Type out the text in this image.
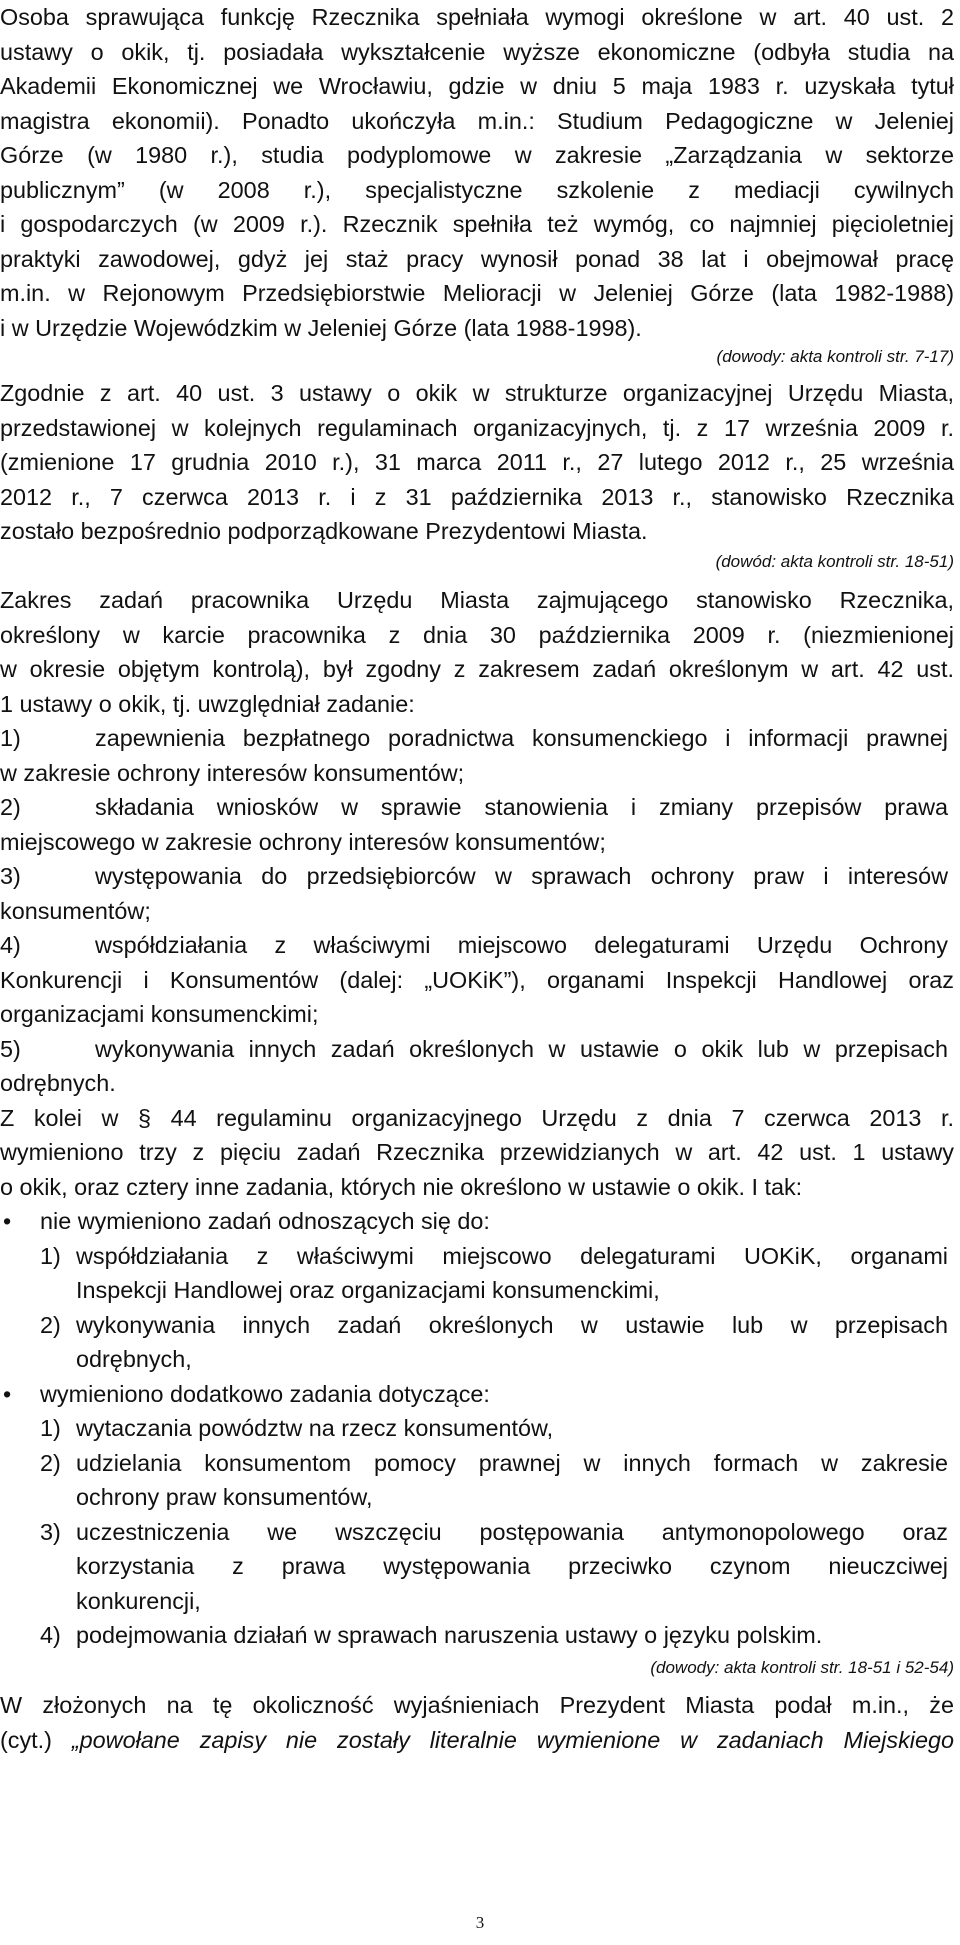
Osoba sprawująca funkcję Rzecznika spełniała wymogi określone w art. 40 ust. 2
ustawy o okik, tj. posiadała wykształcenie wyższe ekonomiczne (odbyła studia na
Akademii Ekonomicznej we Wrocławiu, gdzie w dniu 5 maja 1983 r. uzyskała tytuł
magistra ekonomii). Ponadto ukończyła m.in.: Studium Pedagogiczne w Jeleniej
Górze (w 1980 r.), studia podyplomowe w zakresie „Zarządzania w sektorze
publicznym” (w 2008 r.), specjalistyczne szkolenie z mediacji cywilnych
i gospodarczych (w 2009 r.). Rzecznik spełniła też wymóg, co najmniej pięcioletniej
praktyki zawodowej, gdyż jej staż pracy wynosił ponad 38 lat i obejmował pracę
m.in. w Rejonowym Przedsiębiorstwie Melioracji w Jeleniej Górze (lata 1982-1988)
i w Urzędzie Wojewódzkim w Jeleniej Górze (lata 1988-1998).
(dowody: akta kontroli str. 7-17)
Zgodnie z art. 40 ust. 3 ustawy o okik w strukturze organizacyjnej Urzędu Miasta,
przedstawionej w kolejnych regulaminach organizacyjnych, tj. z 17 września 2009 r.
(zmienione 17 grudnia 2010 r.), 31 marca 2011 r., 27 lutego 2012 r., 25 września
2012 r., 7 czerwca 2013 r. i z 31 października 2013 r., stanowisko Rzecznika
zostało bezpośrednio podporządkowane Prezydentowi Miasta.
(dowód: akta kontroli str. 18-51)
Zakres zadań pracownika Urzędu Miasta zajmującego stanowisko Rzecznika,
określony w karcie pracownika z dnia 30 października 2009 r. (niezmienionej
w okresie objętym kontrolą), był zgodny z zakresem zadań określonym w art. 42 ust.
1 ustawy o okik, tj. uwzględniał zadanie:
1)	zapewnienia bezpłatnego poradnictwa konsumenckiego i informacji prawnej
w zakresie ochrony interesów konsumentów;
2)	składania wniosków w sprawie stanowienia i zmiany przepisów prawa
miejscowego w zakresie ochrony interesów konsumentów;
3)	występowania do przedsiębiorców w sprawach ochrony praw i interesów
konsumentów;
4)	współdziałania z właściwymi miejscowo delegaturami Urzędu Ochrony
Konkurencji i Konsumentów (dalej: „UOKiK”), organami Inspekcji Handlowej oraz
organizacjami konsumenckimi;
5)	wykonywania innych zadań określonych w ustawie o okik lub w przepisach
odrębnych.
Z kolei w § 44 regulaminu organizacyjnego Urzędu z dnia 7 czerwca 2013 r.
wymieniono trzy z pięciu zadań Rzecznika przewidzianych w art. 42 ust. 1 ustawy
o okik, oraz cztery inne zadania, których nie określono w ustawie o okik. I tak:
• nie wymieniono zadań odnoszących się do:
1) współdziałania z właściwymi miejscowo delegaturami UOKiK, organami
Inspekcji Handlowej oraz organizacjami konsumenckimi,
2) wykonywania innych zadań określonych w ustawie lub w przepisach
odrębnych,
• wymieniono dodatkowo zadania dotyczące:
1) wytaczania powództw na rzecz konsumentów,
2) udzielania konsumentom pomocy prawnej w innych formach w zakresie
ochrony praw konsumentów,
3) uczestniczenia we wszczęciu postępowania antymonopolowego oraz
korzystania z prawa występowania przeciwko czynom nieuczciwej
konkurencji,
4) podejmowania działań w sprawach naruszenia ustawy o języku polskim.
(dowody: akta kontroli str. 18-51 i 52-54)
W złożonych na tę okoliczność wyjaśnieniach Prezydent Miasta podał m.in., że
(cyt.) „powołane zapisy nie zostały literalnie wymienione w zadaniach Miejskiego
3
